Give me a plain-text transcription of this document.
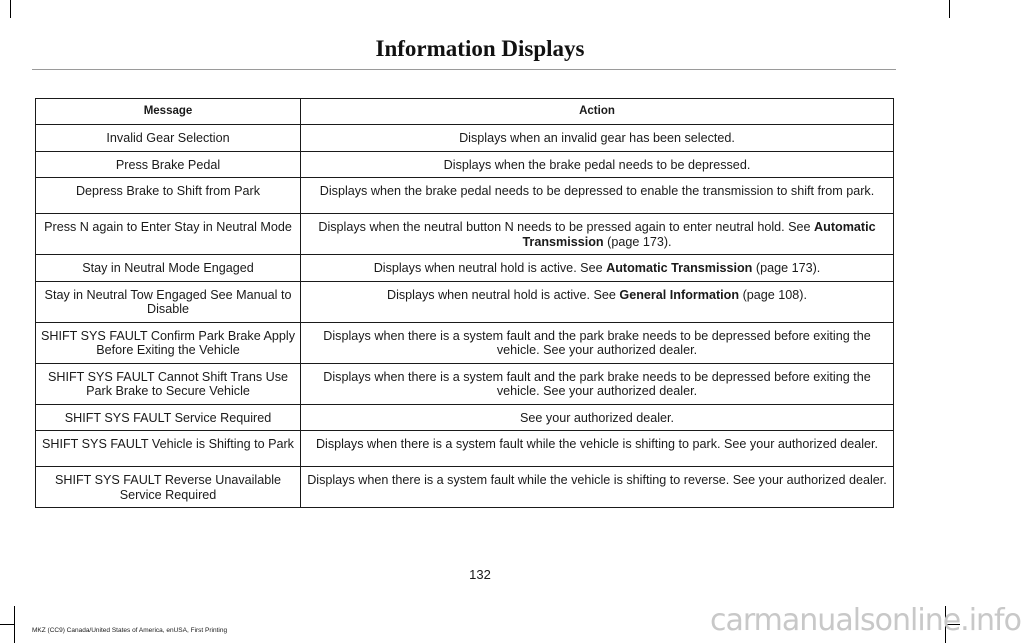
Information Displays
Message	Action
Invalid Gear Selection	Displays when an invalid gear has been selected.
Press Brake Pedal	Displays when the brake pedal needs to be depressed.
Depress Brake to Shift from Park	Displays when the brake pedal needs to be depressed to enable the transmission to shift from park.
Press N again to Enter Stay in Neutral Mode	Displays when the neutral button N needs to be pressed again to enter neutral hold. See Automatic Transmission (page 173).
Stay in Neutral Mode Engaged	Displays when neutral hold is active. See Automatic Transmission (page 173).
Stay in Neutral Tow Engaged See Manual to Disable	Displays when neutral hold is active. See General Information (page 108).
SHIFT SYS FAULT Confirm Park Brake Apply Before Exiting the Vehicle	Displays when there is a system fault and the park brake needs to be depressed before exiting the vehicle. See your authorized dealer.
SHIFT SYS FAULT Cannot Shift Trans Use Park Brake to Secure Vehicle	Displays when there is a system fault and the park brake needs to be depressed before exiting the vehicle. See your authorized dealer.
SHIFT SYS FAULT Service Required	See your authorized dealer.
SHIFT SYS FAULT Vehicle is Shifting to Park	Displays when there is a system fault while the vehicle is shifting to park. See your authorized dealer.
SHIFT SYS FAULT Reverse Unavailable Service Required	Displays when there is a system fault while the vehicle is shifting to reverse. See your authorized dealer.
132
MKZ (CC9) Canada/United States of America, enUSA, First Printing	carmanualsonline.info
